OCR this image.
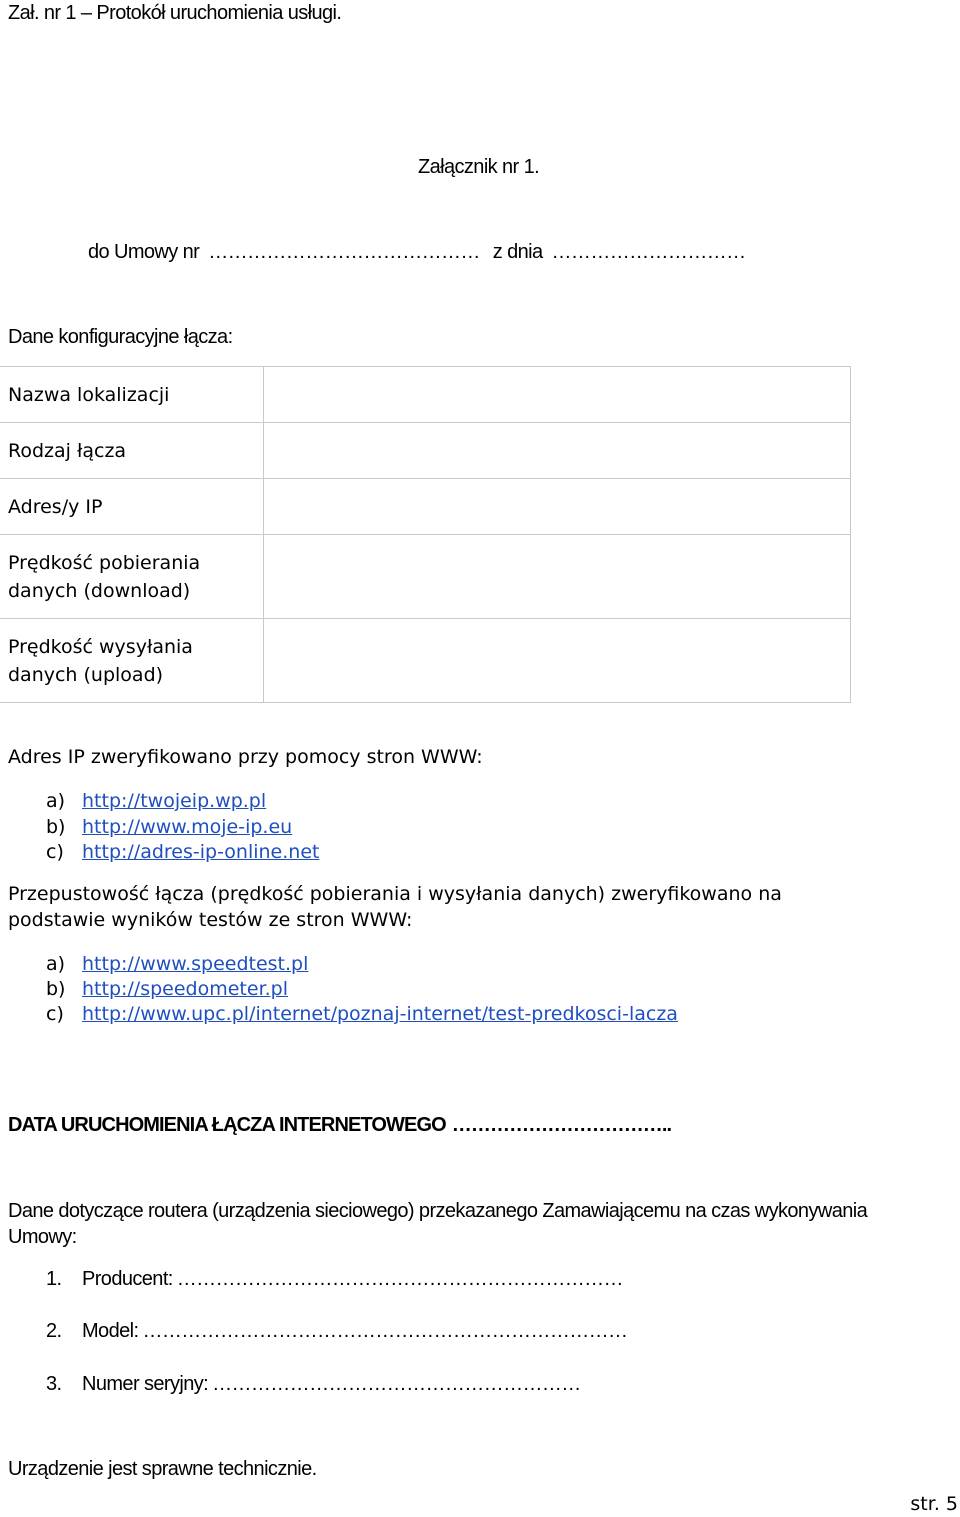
Zał. nr 1 – Protokół uruchomienia usługi.
Załącznik nr 1.
do Umowy nr …………………………………… z dnia …………………………
Dane konfiguracyjne łącza:
Nazwa lokalizacji	
Rodzaj łącza	
Adres/y IP	
Prędkość pobierania danych (download)	
Prędkość wysyłania danych (upload)	
Adres IP zweryfikowano przy pomocy stron WWW:
a) http://twojeip.wp.pl
b) http://www.moje-ip.eu
c) http://adres-ip-online.net
Przepustowość łącza (prędkość pobierania i wysyłania danych) zweryfikowano na
podstawie wyników testów ze stron WWW:
a) http://www.speedtest.pl
b) http://speedometer.pl
c) http://www.upc.pl/internet/poznaj-internet/test-predkosci-lacza
DATA URUCHOMIENIA ŁĄCZA INTERNETOWEGO ……………………………..
Dane dotyczące routera (urządzenia sieciowego) przekazanego Zamawiającemu na czas wykonywania
Umowy:
1. Producent: ……………………………………………………………
2. Model: …………………………………………………………………
3. Numer seryjny: …………………………………………………
Urządzenie jest sprawne technicznie.
str. 5
